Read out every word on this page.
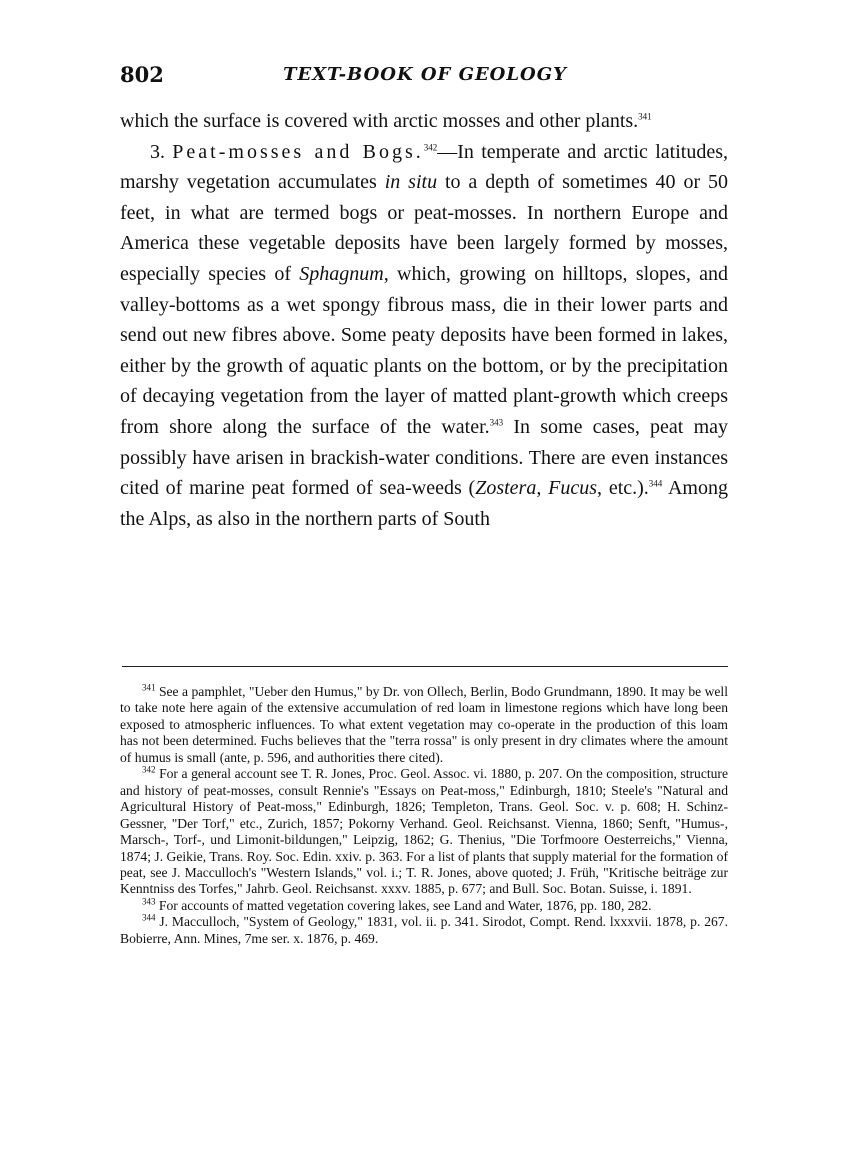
802	TEXT-BOOK OF GEOLOGY

which the surface is covered with arctic mosses and other plants.$^{341}$

3. Peat-mosses and Bogs.$^{342}$—In temperate and arctic latitudes, marshy vegetation accumulates in situ to a depth of sometimes 40 or 50 feet, in what are termed bogs or peat-mosses. In northern Europe and America these vegetable deposits have been largely formed by mosses, especially species of Sphagnum, which, growing on hilltops, slopes, and valley-bottoms as a wet spongy fibrous mass, die in their lower parts and send out new fibres above. Some peaty deposits have been formed in lakes, either by the growth of aquatic plants on the bottom, or by the precipitation of decaying vegetation from the layer of matted plant-growth which creeps from shore along the surface of the water.$^{343}$ In some cases, peat may possibly have arisen in brackish-water conditions. There are even instances cited of marine peat formed of sea-weeds (Zostera, Fucus, etc.).$^{344}$ Among the Alps, as also in the northern parts of South

$^{341}$ See a pamphlet, "Ueber den Humus," by Dr. von Ollech, Berlin, Bodo Grundmann, 1890. It may be well to take note here again of the extensive accumulation of red loam in limestone regions which have long been exposed to atmospheric influences. To what extent vegetation may co-operate in the production of this loam has not been determined. Fuchs believes that the "terra rossa" is only present in dry climates where the amount of humus is small (ante, p. 596, and authorities there cited).

$^{342}$ For a general account see T. R. Jones, Proc. Geol. Assoc. vi. 1880, p. 207. On the composition, structure and history of peat-mosses, consult Rennie's "Essays on Peat-moss," Edinburgh, 1810; Steele's "Natural and Agricultural History of Peat-moss," Edinburgh, 1826; Templeton, Trans. Geol. Soc. v. p. 608; H. Schinz-Gessner, "Der Torf," etc., Zurich, 1857; Pokorny Verhand. Geol. Reichsanst. Vienna, 1860; Senft, "Humus-, Marsch-, Torf-, und Limonit-bildungen," Leipzig, 1862; G. Thenius, "Die Torfmoore Oesterreichs," Vienna, 1874; J. Geikie, Trans. Roy. Soc. Edin. xxiv. p. 363. For a list of plants that supply material for the formation of peat, see J. Macculloch's "Western Islands," vol. i.; T. R. Jones, above quoted; J. Früh, "Kritische beiträge zur Kenntniss des Torfes," Jahrb. Geol. Reichsanst. xxxv. 1885, p. 677; and Bull. Soc. Botan. Suisse, i. 1891.

$^{343}$ For accounts of matted vegetation covering lakes, see Land and Water, 1876, pp. 180, 282.

$^{344}$ J. Macculloch, "System of Geology," 1831, vol. ii. p. 341. Sirodot, Compt. Rend. lxxxvii. 1878, p. 267. Bobierre, Ann. Mines, 7me ser. x. 1876, p. 469.
